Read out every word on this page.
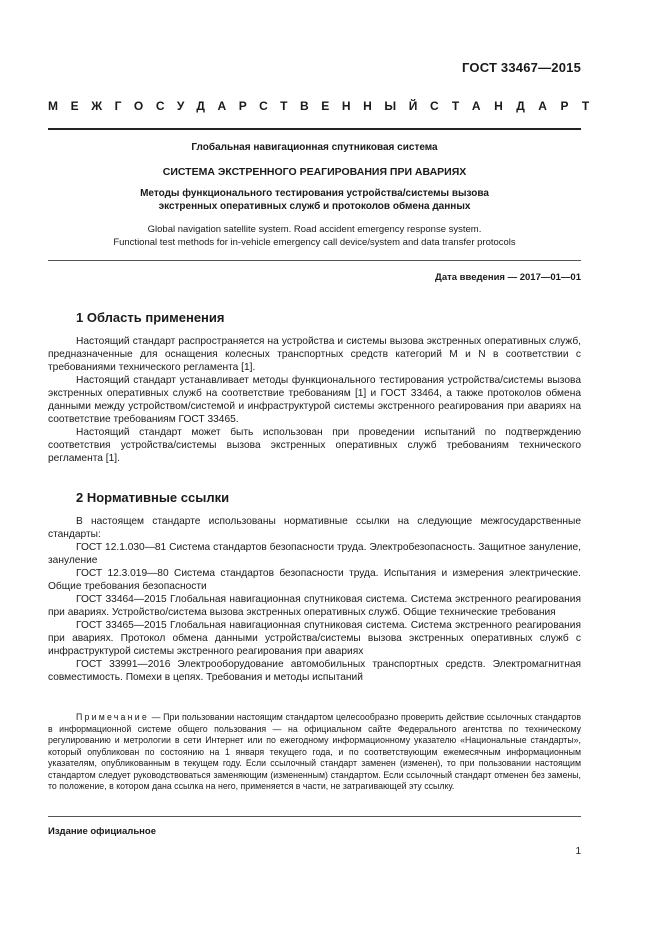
ГОСТ 33467—2015
МЕЖГОСУДАРСТВЕННЫЙ СТАНДАРТ
Глобальная навигационная спутниковая система
СИСТЕМА ЭКСТРЕННОГО РЕАГИРОВАНИЯ ПРИ АВАРИЯХ
Методы функционального тестирования устройства/системы вызова
экстренных оперативных служб и протоколов обмена данных
Global navigation satellite system. Road accident emergency response system.
Functional test methods for in-vehicle emergency call device/system and data transfer protocols
Дата введения — 2017—01—01
1 Область применения

Настоящий стандарт распространяется на устройства и системы вызова экстренных оперативных служб, предназначенные для оснащения колесных транспортных средств категорий M и N в соответствии с требованиями технического регламента [1].

Настоящий стандарт устанавливает методы функционального тестирования устройства/системы вызова экстренных оперативных служб на соответствие требованиям [1] и ГОСТ 33464, а также протоколов обмена данными между устройством/системой и инфраструктурой системы экстренного реагирования при авариях на соответствие требованиям ГОСТ 33465.

Настоящий стандарт может быть использован при проведении испытаний по подтверждению соответствия устройства/системы вызова экстренных оперативных служб требованиям технического регламента [1].

2 Нормативные ссылки

В настоящем стандарте использованы нормативные ссылки на следующие межгосударственные стандарты:

ГОСТ 12.1.030—81 Система стандартов безопасности труда. Электробезопасность. Защитное зануление, зануление

ГОСТ 12.3.019—80 Система стандартов безопасности труда. Испытания и измерения электрические. Общие требования безопасности

ГОСТ 33464—2015 Глобальная навигационная спутниковая система. Система экстренного реагирования при авариях. Устройство/система вызова экстренных оперативных служб. Общие технические требования

ГОСТ 33465—2015 Глобальная навигационная спутниковая система. Система экстренного реагирования при авариях. Протокол обмена данными устройства/системы вызова экстренных оперативных служб с инфраструктурой системы экстренного реагирования при авариях

ГОСТ 33991—2016 Электрооборудование автомобильных транспортных средств. Электромагнитная совместимость. Помехи в цепях. Требования и методы испытаний

Примечание — При пользовании настоящим стандартом целесообразно проверить действие ссылочных стандартов в информационной системе общего пользования — на официальном сайте Федерального агентства по техническому регулированию и метрологии в сети Интернет или по ежегодному информационному указателю «Национальные стандарты», который опубликован по состоянию на 1 января текущего года, и по соответствующим ежемесячным информационным указателям, опубликованным в текущем году. Если ссылочный стандарт заменен (изменен), то при пользовании настоящим стандартом следует руководствоваться заменяющим (измененным) стандартом. Если ссылочный стандарт отменен без замены, то положение, в котором дана ссылка на него, применяется в части, не затрагивающей эту ссылку.
Издание официальное
1
